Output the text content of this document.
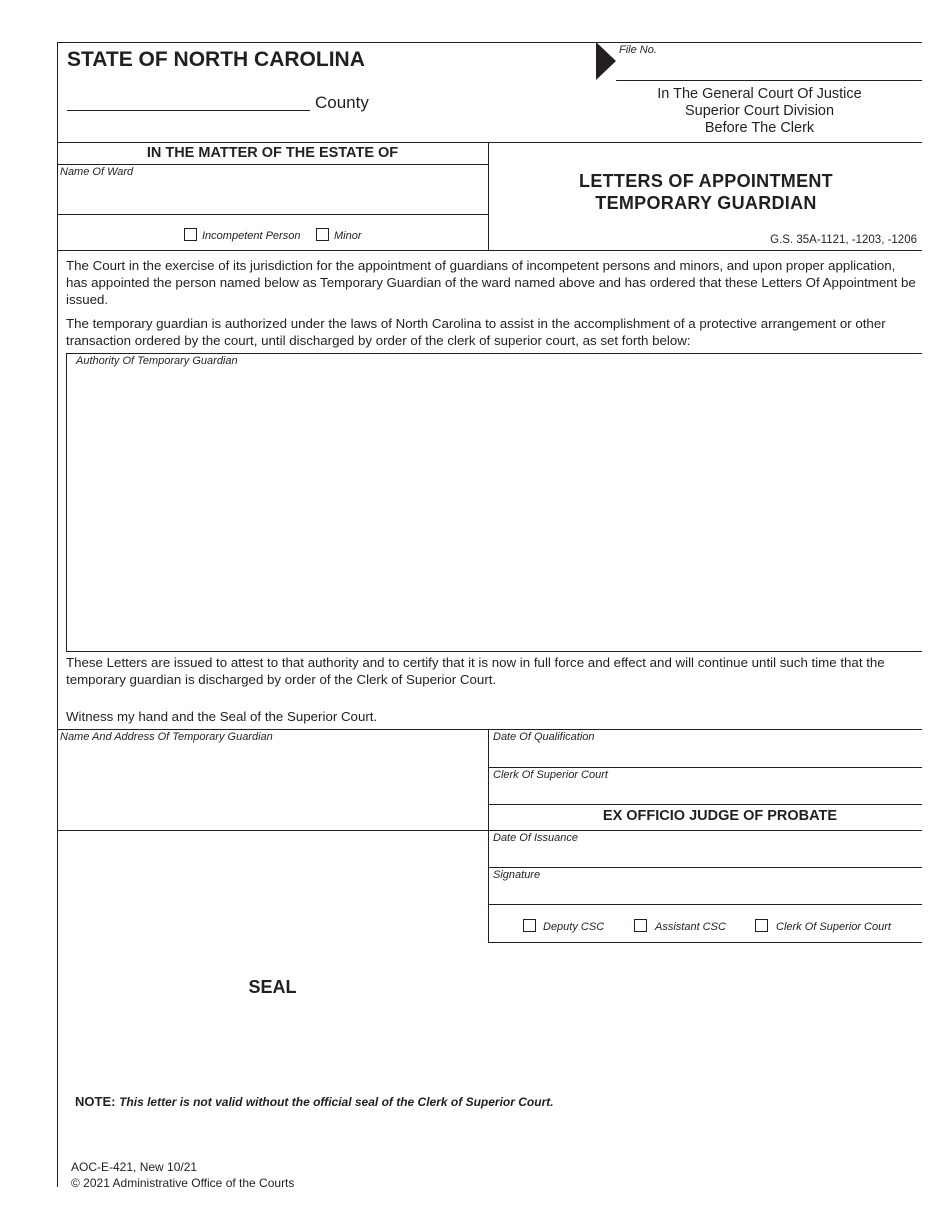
STATE OF NORTH CAROLINA
County
File No.
In The General Court Of Justice
Superior Court Division
Before The Clerk
IN THE MATTER OF THE ESTATE OF
Name Of Ward
Incompetent Person	Minor
LETTERS OF APPOINTMENT
TEMPORARY GUARDIAN
G.S. 35A-1121, -1203, -1206
The Court in the exercise of its jurisdiction for the appointment of guardians of incompetent persons and minors, and upon proper application, has appointed the person named below as Temporary Guardian of the ward named above and has ordered that these Letters Of Appointment be issued.
The temporary guardian is authorized under the laws of North Carolina to assist in the accomplishment of a protective arrangement or other transaction ordered by the court, until discharged by order of the clerk of superior court, as set forth below:
Authority Of Temporary Guardian
These Letters are issued to attest to that authority and to certify that it is now in full force and effect and will continue until such time that the temporary guardian is discharged by order of the Clerk of Superior Court.
Witness my hand and the Seal of the Superior Court.
Name And Address Of Temporary Guardian	Date Of Qualification
Clerk Of Superior Court
EX OFFICIO JUDGE OF PROBATE
Date Of Issuance
Signature
Deputy CSC	Assistant CSC	Clerk Of Superior Court
SEAL
NOTE: This letter is not valid without the official seal of the Clerk of Superior Court.
AOC-E-421, New 10/21
© 2021 Administrative Office of the Courts
